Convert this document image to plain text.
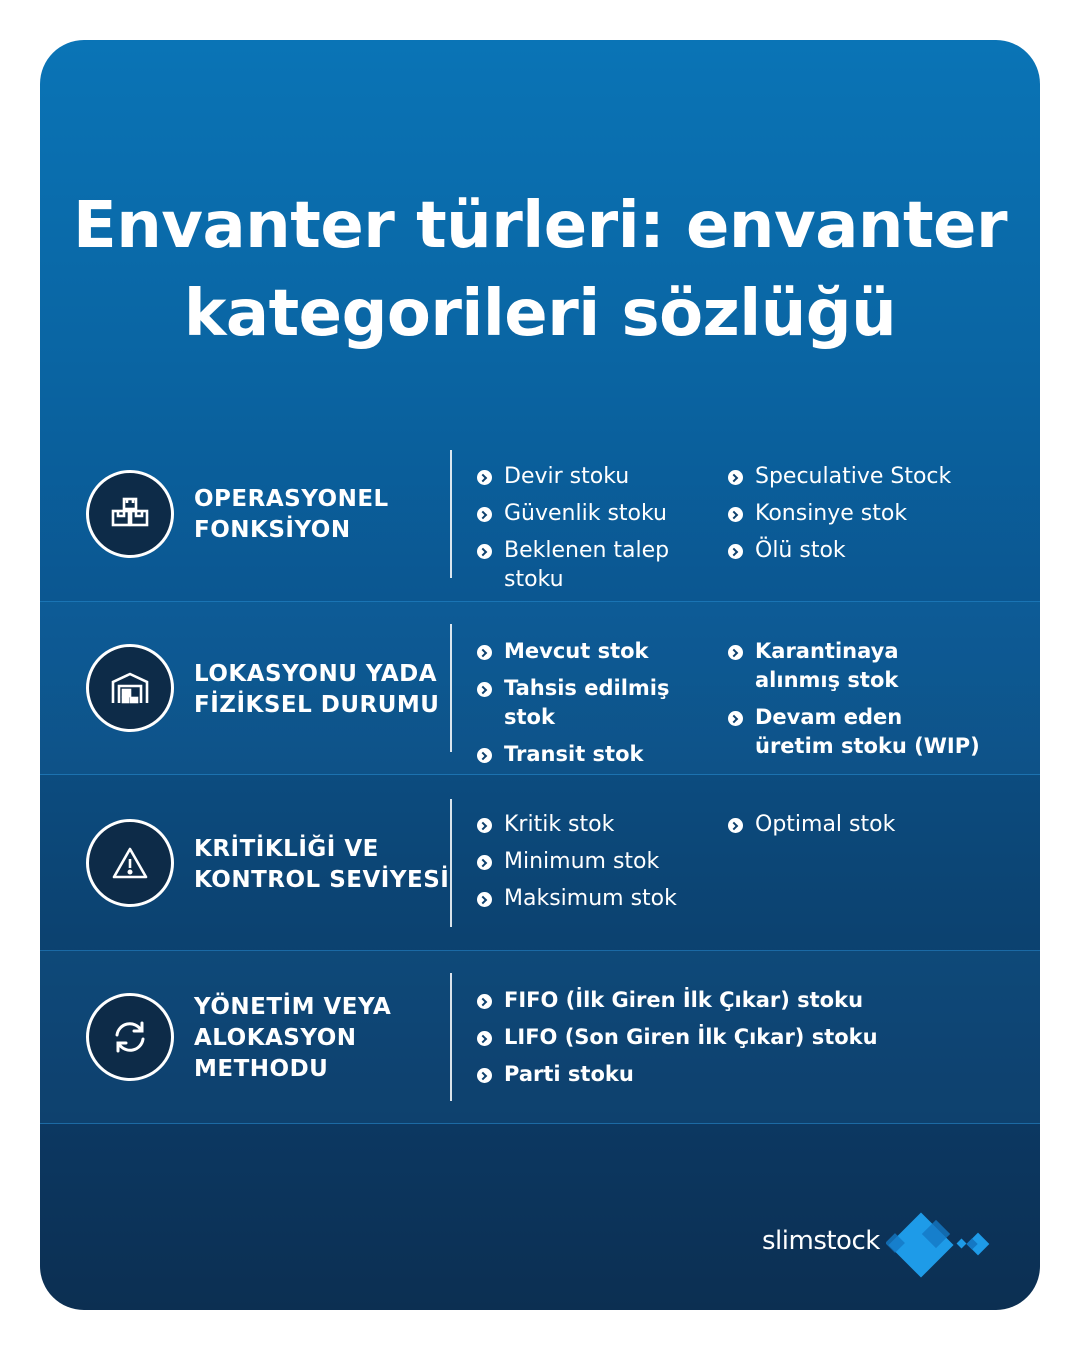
Envanter türleri: envanter
kategorileri sözlüğü
OPERASYONEL
FONKSİYON
Devir stoku
Güvenlik stoku
Beklenen talep stoku
Speculative Stock
Konsinye stok
Ölü stok
LOKASYONU YADA
FİZİKSEL DURUMU
Mevcut stok
Tahsis edilmiş stok
Transit stok
Karantinaya alınmış stok
Devam eden üretim stoku (WIP)
KRİTİKLİĞİ VE
KONTROL SEVİYESİ
Kritik stok
Minimum stok
Maksimum stok
Optimal stok
YÖNETİM VEYA
ALOKASYON
METHODU
FIFO (İlk Giren İlk Çıkar) stoku
LIFO (Son Giren İlk Çıkar) stoku
Parti stoku
slimstock
